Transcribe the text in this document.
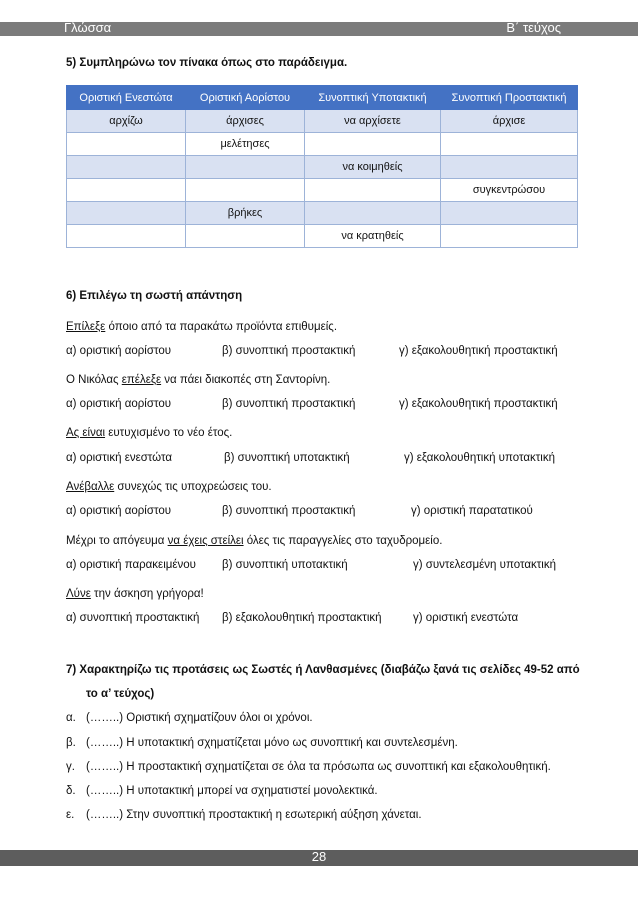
Γλώσσα	Β΄ τεύχος
5) Συμπληρώνω τον πίνακα όπως στο παράδειγμα.
Οριστική Ενεστώτα	Οριστική Αορίστου	Συνοπτική Υποτακτική	Συνοπτική Προστακτική
αρχίζω	άρχισες	να αρχίσετε	άρχισε
	μελέτησες		
		να κοιμηθείς	
			συγκεντρώσου
	βρήκες		
		να κρατηθείς	
6) Επιλέγω τη σωστή απάντηση
Επίλεξε όποιο από τα παρακάτω προϊόντα επιθυμείς.
α) οριστική αορίστου	β) συνοπτική προστακτική	γ) εξακολουθητική προστακτική
Ο Νικόλας επέλεξε να πάει διακοπές στη Σαντορίνη.
α) οριστική αορίστου	β) συνοπτική προστακτική	γ) εξακολουθητική προστακτική
Ας είναι ευτυχισμένο το νέο έτος.
α) οριστική ενεστώτα	β) συνοπτική υποτακτική	γ) εξακολουθητική υποτακτική
Ανέβαλλε συνεχώς τις υποχρεώσεις του.
α) οριστική αορίστου	β) συνοπτική προστακτική	γ) οριστική παρατατικού
Μέχρι το απόγευμα να έχεις στείλει όλες τις παραγγελίες στο ταχυδρομείο.
α) οριστική παρακειμένου β) συνοπτική υποτακτική	γ) συντελεσμένη υποτακτική
Λύνε την άσκηση γρήγορα!
α) συνοπτική προστακτική β) εξακολουθητική προστακτική	γ) οριστική ενεστώτα
7) Χαρακτηρίζω τις προτάσεις ως Σωστές ή Λανθασμένες (διαβάζω ξανά τις σελίδες 49-52 από
το α’ τεύχος)
α. (……..) Οριστική σχηματίζουν όλοι οι χρόνοι.
β. (……..) Η υποτακτική σχηματίζεται μόνο ως συνοπτική και συντελεσμένη.
γ. (……..) Η προστακτική σχηματίζεται σε όλα τα πρόσωπα ως συνοπτική και εξακολουθητική.
δ. (……..) Η υποτακτική μπορεί να σχηματιστεί μονολεκτικά.
ε. (……..) Στην συνοπτική προστακτική η εσωτερική αύξηση χάνεται.
28
